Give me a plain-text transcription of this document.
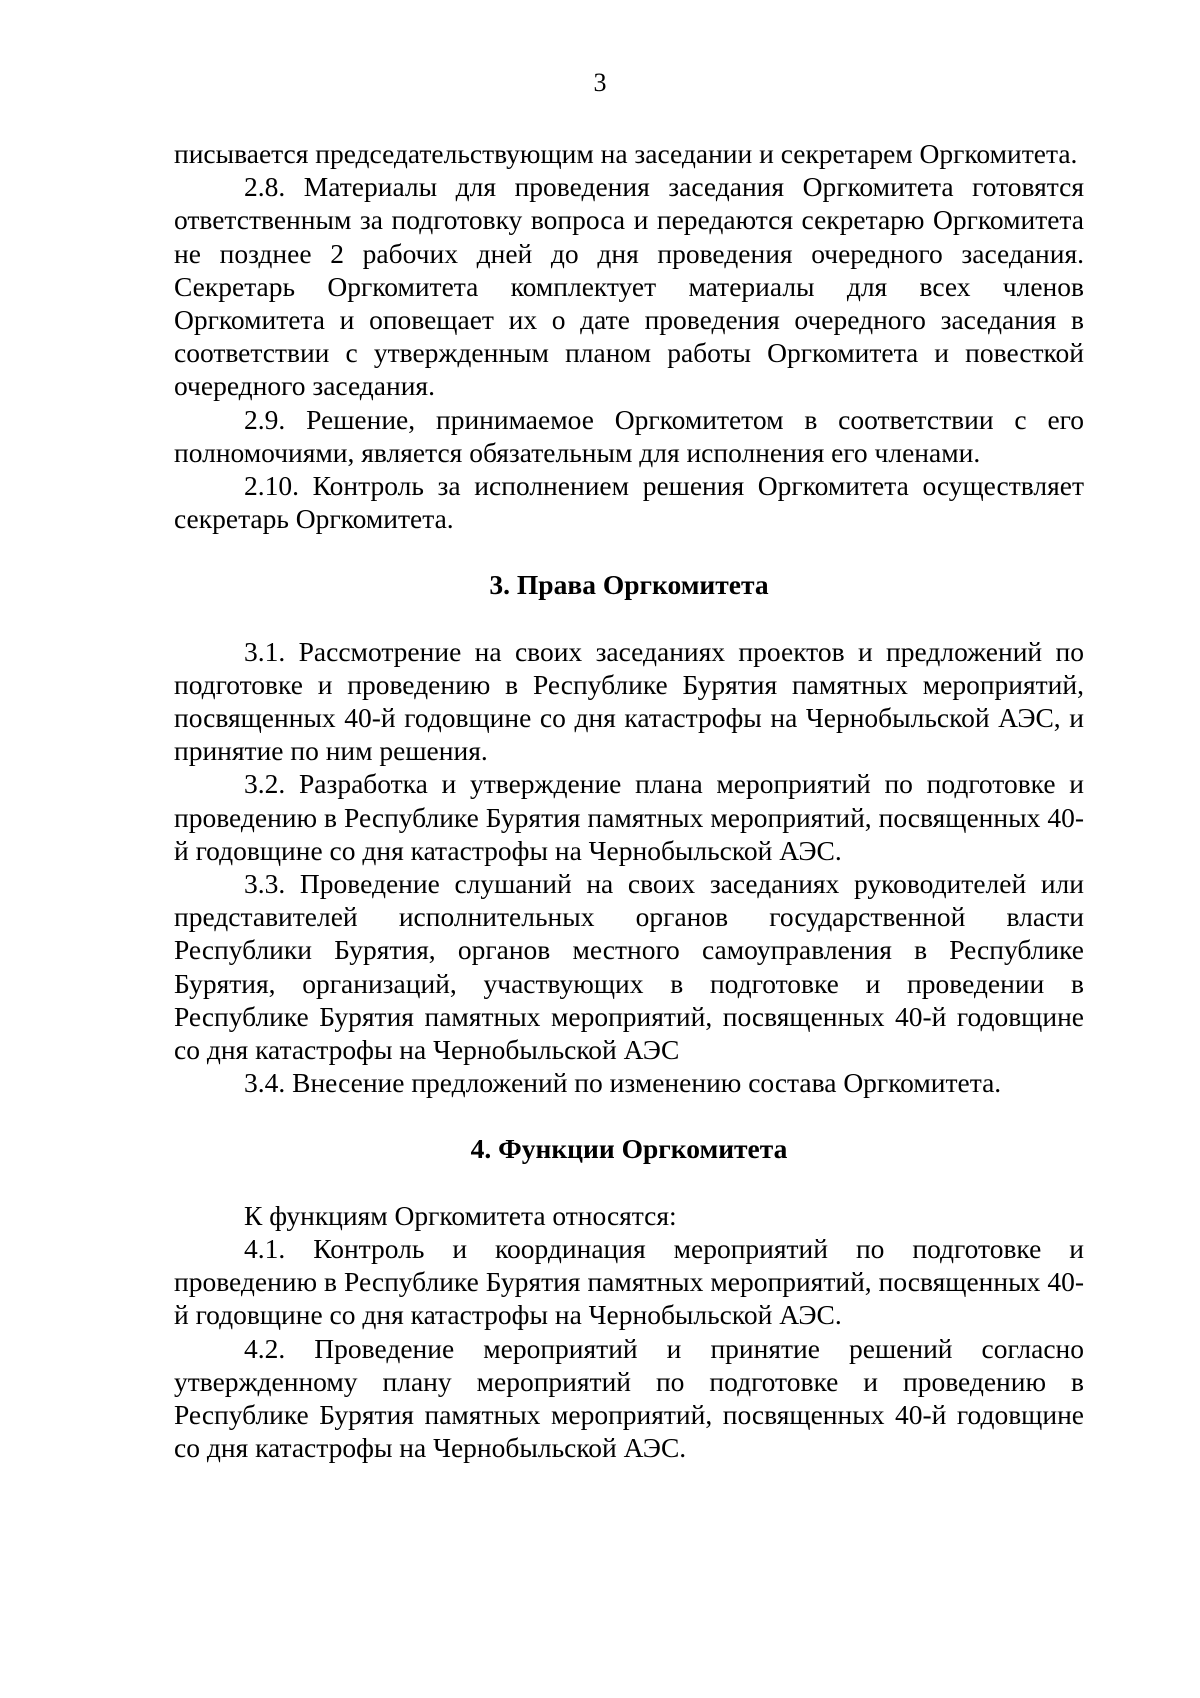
3

писывается председательствующим на заседании и секретарем Оргкомитета.

2.8. Материалы для проведения заседания Оргкомитета готовятся ответственным за подготовку вопроса и передаются секретарю Оргкомитета не позднее 2 рабочих дней до дня проведения очередного заседания. Секретарь Оргкомитета комплектует материалы для всех членов Оргкомитета и оповещает их о дате проведения очередного заседания в соответствии с утвержденным планом работы Оргкомитета и повесткой очередного заседания.

2.9. Решение, принимаемое Оргкомитетом в соответствии с его полномочиями, является обязательным для исполнения его членами.

2.10. Контроль за исполнением решения Оргкомитета осуществляет секретарь Оргкомитета.

3. Права Оргкомитета

3.1. Рассмотрение на своих заседаниях проектов и предложений по подготовке и проведению в Республике Бурятия памятных мероприятий, посвященных 40-й годовщине со дня катастрофы на Чернобыльской АЭС, и принятие по ним решения.

3.2. Разработка и утверждение плана мероприятий по подготовке и проведению в Республике Бурятия памятных мероприятий, посвященных 40-й годовщине со дня катастрофы на Чернобыльской АЭС.

3.3. Проведение слушаний на своих заседаниях руководителей или представителей исполнительных органов государственной власти Республики Бурятия, органов местного самоуправления в Республике Бурятия, организаций, участвующих в подготовке и проведении в Республике Бурятия памятных мероприятий, посвященных 40-й годовщине со дня катастрофы на Чернобыльской АЭС

3.4. Внесение предложений по изменению состава Оргкомитета.

4. Функции Оргкомитета

К функциям Оргкомитета относятся:

4.1. Контроль и координация мероприятий по подготовке и проведению в Республике Бурятия памятных мероприятий, посвященных 40-й годовщине со дня катастрофы на Чернобыльской АЭС.

4.2. Проведение мероприятий и принятие решений согласно утвержденному плану мероприятий по подготовке и проведению в Республике Бурятия памятных мероприятий, посвященных 40-й годовщине со дня катастрофы на Чернобыльской АЭС.
